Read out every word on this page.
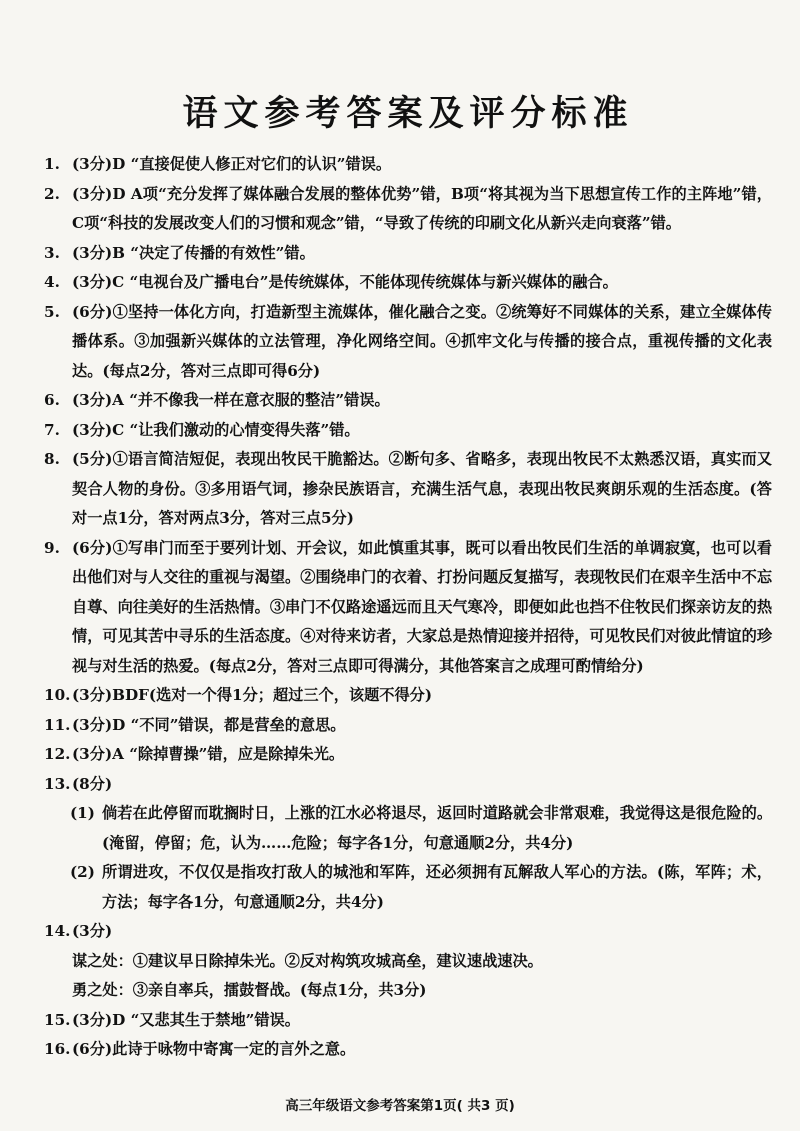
语文参考答案及评分标准
1. (3分)D “直接促使人修正对它们的认识”错误。
2. (3分)D A项“充分发挥了媒体融合发展的整体优势”错，B项“将其视为当下思想宣传工作的主阵地”错，C项“科技的发展改变人们的习惯和观念”错，“导致了传统的印刷文化从新兴走向衰落”错。
3. (3分)B “决定了传播的有效性”错。
4. (3分)C “电视台及广播电台”是传统媒体，不能体现传统媒体与新兴媒体的融合。
5. (6分)①坚持一体化方向，打造新型主流媒体，催化融合之变。②统筹好不同媒体的关系，建立全媒体传播体系。③加强新兴媒体的立法管理，净化网络空间。④抓牢文化与传播的接合点，重视传播的文化表达。(每点2分，答对三点即可得6分)
6. (3分)A “并不像我一样在意衣服的整洁”错误。
7. (3分)C “让我们激动的心情变得失落”错。
8. (5分)①语言简洁短促，表现出牧民干脆豁达。②断句多、省略多，表现出牧民不太熟悉汉语，真实而又契合人物的身份。③多用语气词，掺杂民族语言，充满生活气息，表现出牧民爽朗乐观的生活态度。(答对一点1分，答对两点3分，答对三点5分)
9. (6分)①写串门而至于要列计划、开会议，如此慎重其事，既可以看出牧民们生活的单调寂寞，也可以看出他们对与人交往的重视与渴望。②围绕串门的衣着、打扮问题反复描写，表现牧民们在艰辛生活中不忘自尊、向往美好的生活热情。③串门不仅路途遥远而且天气寒冷，即便如此也挡不住牧民们探亲访友的热情，可见其苦中寻乐的生活态度。④对待来访者，大家总是热情迎接并招待，可见牧民们对彼此情谊的珍视与对生活的热爱。(每点2分，答对三点即可得满分，其他答案言之成理可酌情给分)
10. (3分)BDF(选对一个得1分；超过三个，该题不得分)
11. (3分)D “不同”错误，都是营垒的意思。
12. (3分)A “除掉曹操”错，应是除掉朱光。
13. (8分)
(1) 倘若在此停留而耽搁时日，上涨的江水必将退尽，返回时道路就会非常艰难，我觉得这是很危险的。(淹留，停留；危，认为……危险；每字各1分，句意通顺2分，共4分)
(2) 所谓进攻，不仅仅是指攻打敌人的城池和军阵，还必须拥有瓦解敌人军心的方法。(陈，军阵；术，方法；每字各1分，句意通顺2分，共4分)
14. (3分)
谋之处：①建议早日除掉朱光。②反对构筑攻城高垒，建议速战速决。
勇之处：③亲自率兵，擂鼓督战。(每点1分，共3分)
15. (3分)D “又悲其生于禁地”错误。
16. (6分)此诗于咏物中寄寓一定的言外之意。
高三年级语文参考答案第1页( 共3 页)
